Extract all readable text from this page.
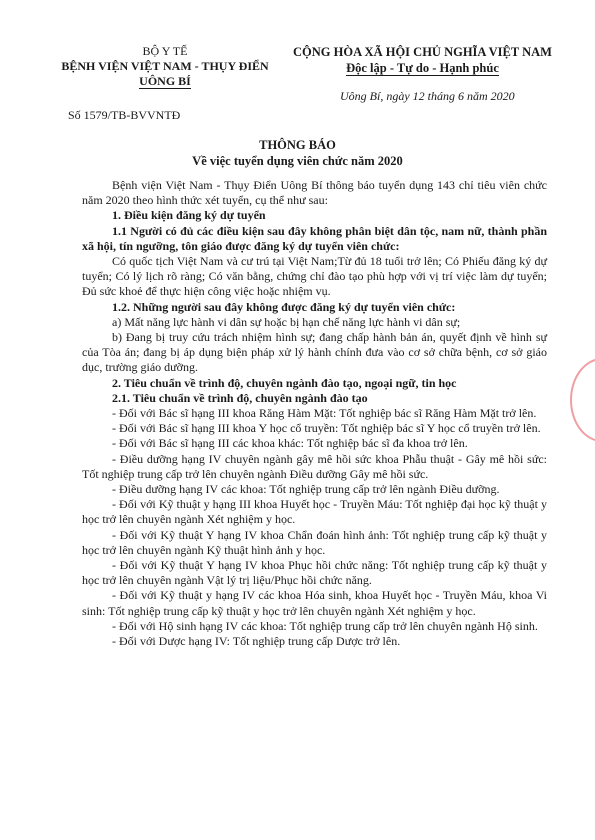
BỘ Y TẾ
BỆNH VIỆN VIỆT NAM - THỤY ĐIỂN
UÔNG BÍ
CỘNG HÒA XÃ HỘI CHỦ NGHĨA VIỆT NAM
Độc lập - Tự do - Hạnh phúc
Uông Bí, ngày 12 tháng 6 năm 2020
Số 1579/TB-BVVNTĐ
THÔNG BÁO
Về việc tuyển dụng viên chức năm 2020

Bệnh viện Việt Nam - Thụy Điển Uông Bí thông báo tuyển dụng 143 chỉ tiêu viên chức năm 2020 theo hình thức xét tuyển, cụ thể như sau:

1. Điều kiện đăng ký dự tuyển

1.1 Người có đủ các điều kiện sau đây không phân biệt dân tộc, nam nữ, thành phần xã hội, tín ngưỡng, tôn giáo được đăng ký dự tuyển viên chức:

Có quốc tịch Việt Nam và cư trú tại Việt Nam;Từ đủ 18 tuổi trở lên; Có Phiếu đăng ký dự tuyển; Có lý lịch rõ ràng; Có văn bằng, chứng chỉ đào tạo phù hợp với vị trí việc làm dự tuyển; Đủ sức khoẻ để thực hiện công việc hoặc nhiệm vụ.

1.2. Những người sau đây không được đăng ký dự tuyển viên chức:

a) Mất năng lực hành vi dân sự hoặc bị hạn chế năng lực hành vi dân sự;

b) Đang bị truy cứu trách nhiệm hình sự; đang chấp hành bản án, quyết định về hình sự của Tòa án; đang bị áp dụng biện pháp xử lý hành chính đưa vào cơ sở chữa bệnh, cơ sở giáo dục, trường giáo dưỡng.

2. Tiêu chuẩn về trình độ, chuyên ngành đào tạo, ngoại ngữ, tin học

2.1. Tiêu chuẩn về trình độ, chuyên ngành đào tạo

- Đối với Bác sĩ hạng III khoa Răng Hàm Mặt: Tốt nghiệp bác sĩ Răng Hàm Mặt trở lên.

- Đối với Bác sĩ hạng III khoa Y học cổ truyền: Tốt nghiệp bác sĩ Y học cổ truyền trở lên.

- Đối với Bác sĩ hạng III các khoa khác: Tốt nghiệp bác sĩ đa khoa trở lên.

- Điều dưỡng hạng IV chuyên ngành gây mê hồi sức khoa Phẫu thuật - Gây mê hồi sức: Tốt nghiệp trung cấp trở lên chuyên ngành Điều dưỡng Gây mê hồi sức.

- Điều dưỡng hạng IV các khoa: Tốt nghiệp trung cấp trở lên ngành Điều dưỡng.

- Đối với Kỹ thuật y hạng III khoa Huyết học - Truyền Máu: Tốt nghiệp đại học kỹ thuật y học trở lên chuyên ngành Xét nghiệm y học.

- Đối với Kỹ thuật Y hạng IV khoa Chẩn đoán hình ảnh: Tốt nghiệp trung cấp kỹ thuật y học trở lên chuyên ngành Kỹ thuật hình ảnh y học.

- Đối với Kỹ thuật Y hạng IV khoa Phục hồi chức năng: Tốt nghiệp trung cấp kỹ thuật y học trở lên chuyên ngành Vật lý trị liệu/Phục hồi chức năng.

- Đối với Kỹ thuật y hạng IV các khoa Hóa sinh, khoa Huyết học - Truyền Máu, khoa Vi sinh: Tốt nghiệp trung cấp kỹ thuật y học trở lên chuyên ngành Xét nghiệm y học.

- Đối với Hộ sinh hạng IV các khoa: Tốt nghiệp trung cấp trở lên chuyên ngành Hộ sinh.

- Đối với Dược hạng IV: Tốt nghiệp trung cấp Dược trở lên.
